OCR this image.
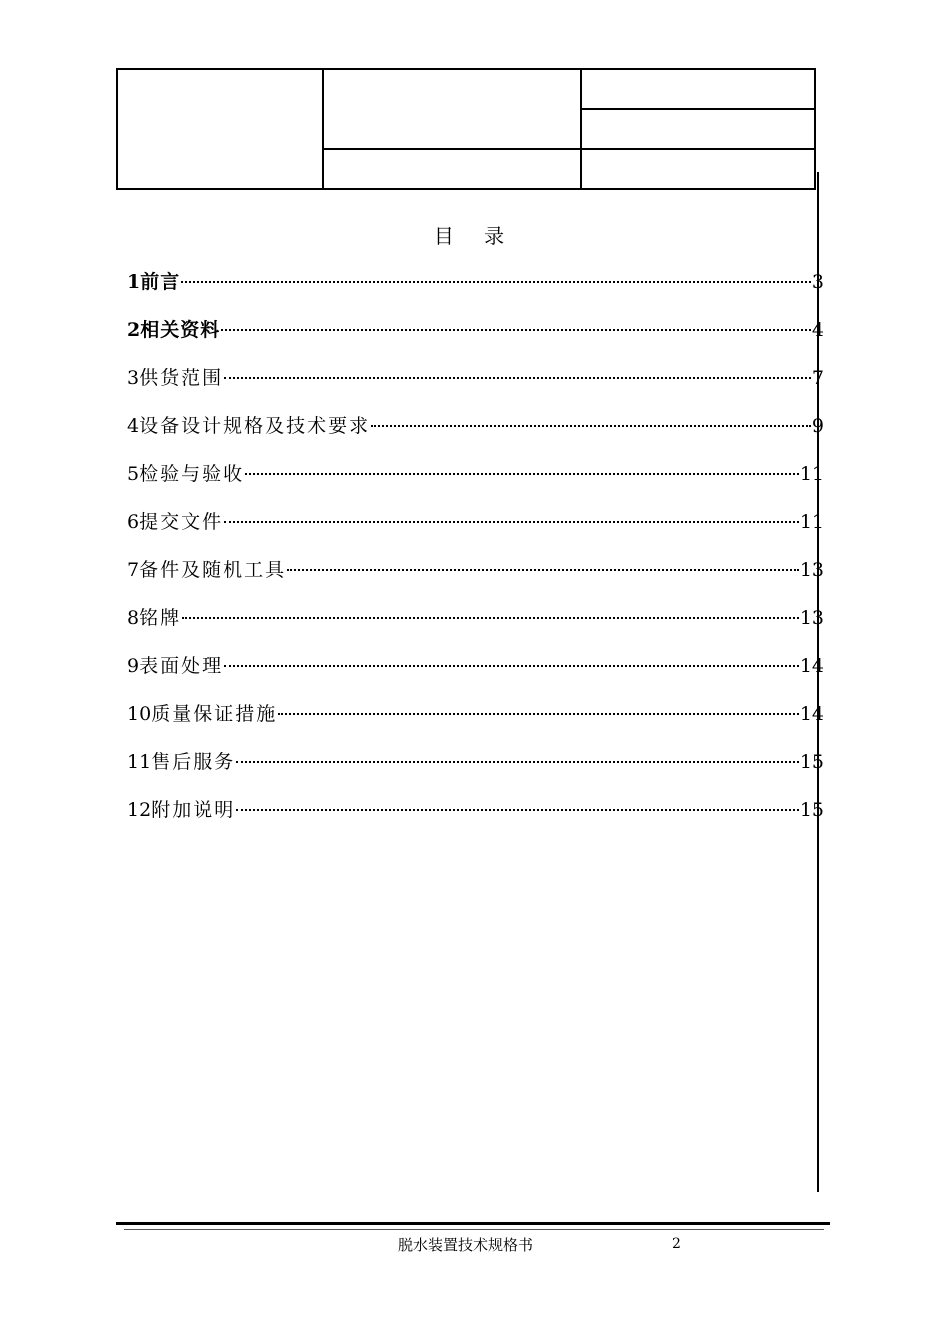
目 录
1 前言	3
2 相关资料	4
3 供货范围	7
4 设备设计规格及技术要求	9
5 检验与验收	11
6 提交文件	11
7 备件及随机工具	13
8 铭牌	13
9 表面处理	14
10 质量保证措施	14
11 售后服务	15
12 附加说明	15
脱水装置技术规格书	2
